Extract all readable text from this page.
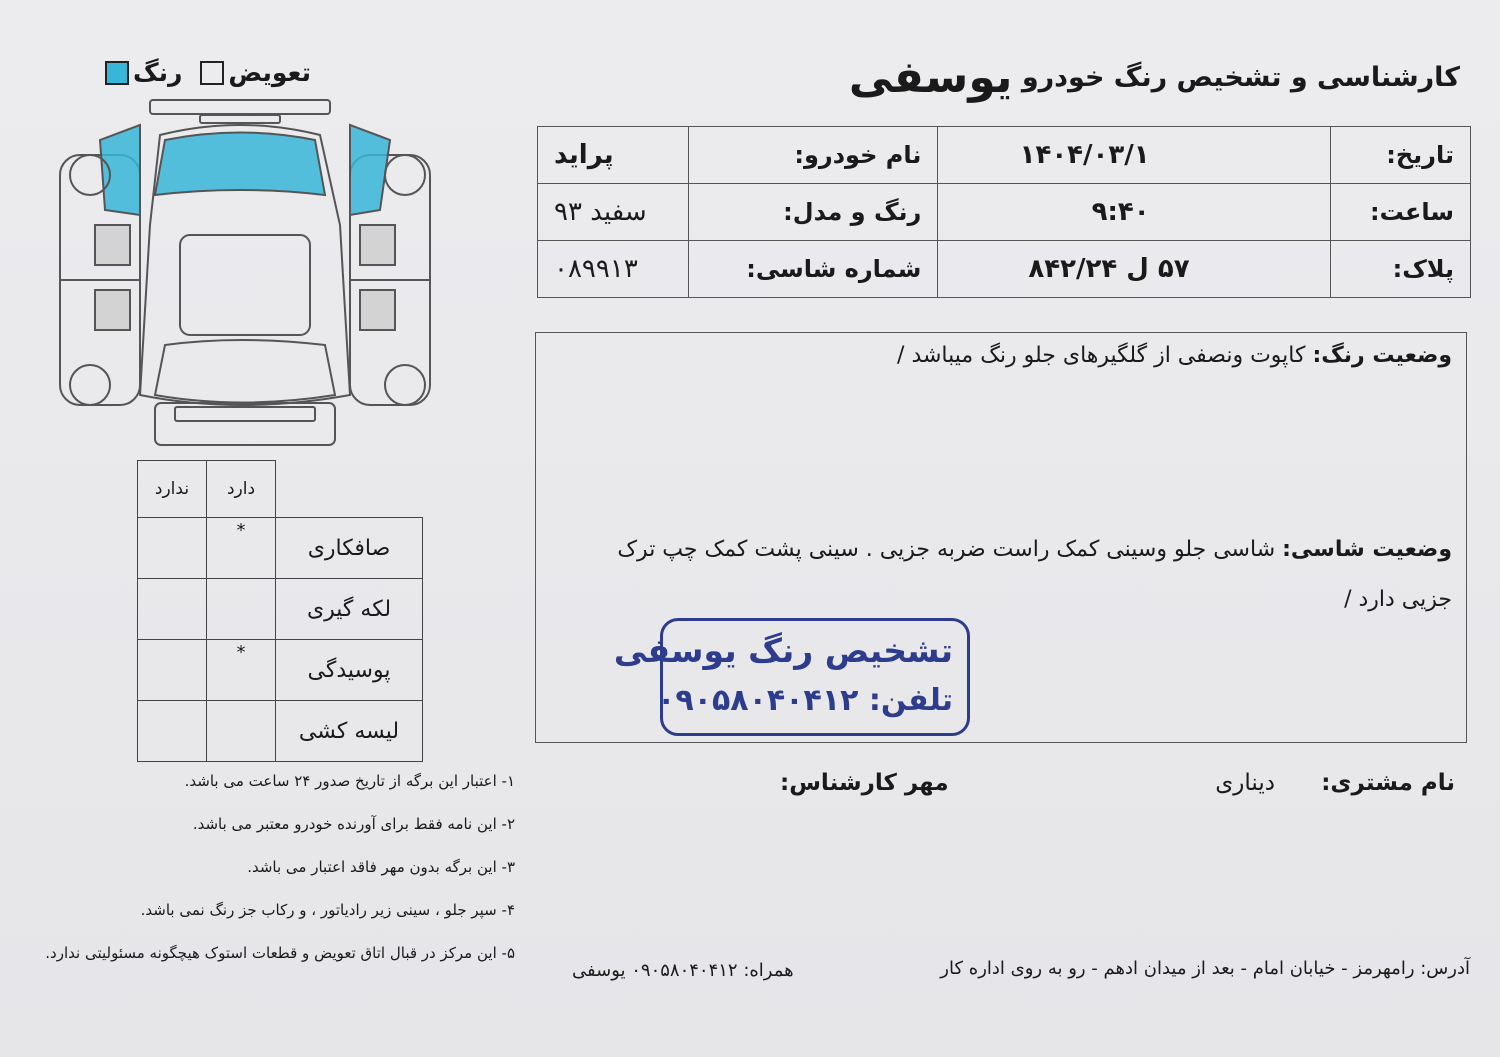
کارشناسی و تشخیص رنگ خودرو یوسفی
تعویض
رنگ
تاریخ:	۱۴۰۴/۰۳/۱	نام خودرو:	پراید
ساعت:	۹:۴۰	رنگ و مدل:	سفید ۹۳
پلاک:	۵۷ ل ۸۴۲/۲۴	شماره شاسی:	۰۸۹۹۱۳
وضعیت رنگ: کاپوت ونصفی از گلگیرهای جلو رنگ میباشد /
وضعیت شاسی: شاسی جلو وسینی کمک راست ضربه جزیی . سینی پشت کمک چپ ترک
جزیی دارد /
تشخیص رنگ یوسفی
تلفن: ۰۹۰۵۸۰۴۰۴۱۲
ندارد	دارد	
	*	صافکاری
		لکه گیری
	*	پوسیدگی
		لیسه کشی
۱- اعتبار این برگه از تاریخ صدور ۲۴ ساعت می باشد.
۲- این نامه فقط برای آورنده خودرو معتبر می باشد.
۳- این برگه بدون مهر فاقد اعتبار می باشد.
۴- سپر جلو ، سینی زیر رادیاتور ، و رکاب جز رنگ نمی باشد.
۵- این مرکز در قبال اتاق تعویض و قطعات استوک هیچگونه مسئولیتی ندارد.
نام مشتری:
دیناری
مهر کارشناس:
آدرس: رامهرمز - خیابان امام - بعد از میدان ادهم - رو به روی اداره کار
همراه: ۰۹۰۵۸۰۴۰۴۱۲ یوسفی
